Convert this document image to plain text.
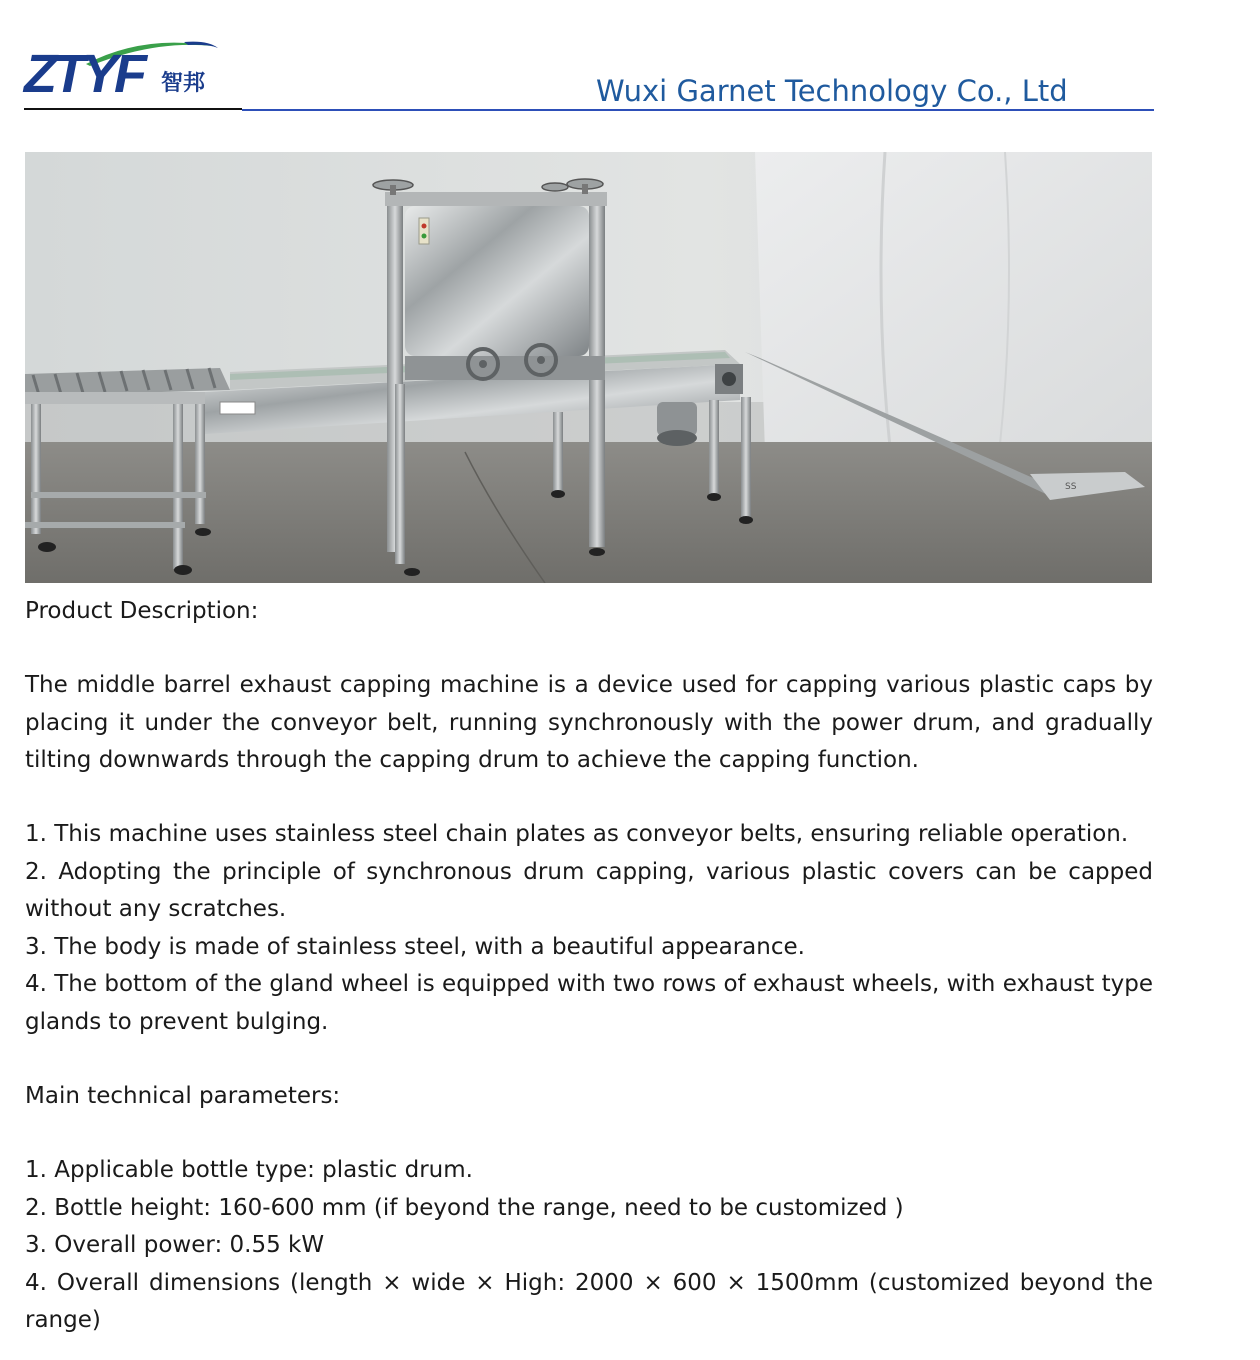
ZTYF 智邦	Wuxi Garnet Technology Co., Ltd
SS

Product Description:

The middle barrel exhaust capping machine is a device used for capping various plastic caps by placing it under the conveyor belt, running synchronously with the power drum, and gradually tilting downwards through the capping drum to achieve the capping function.

1. This machine uses stainless steel chain plates as conveyor belts, ensuring reliable operation.

2. Adopting the principle of synchronous drum capping, various plastic covers can be capped without any scratches.

3. The body is made of stainless steel, with a beautiful appearance.

4. The bottom of the gland wheel is equipped with two rows of exhaust wheels, with exhaust type glands to prevent bulging.

Main technical parameters:

1. Applicable bottle type: plastic drum.

2. Bottle height: 160-600 mm (if beyond the range, need to be customized )

3. Overall power: 0.55 kW

4. Overall dimensions (length × wide × High: 2000 × 600 × 1500mm (customized beyond the range)
